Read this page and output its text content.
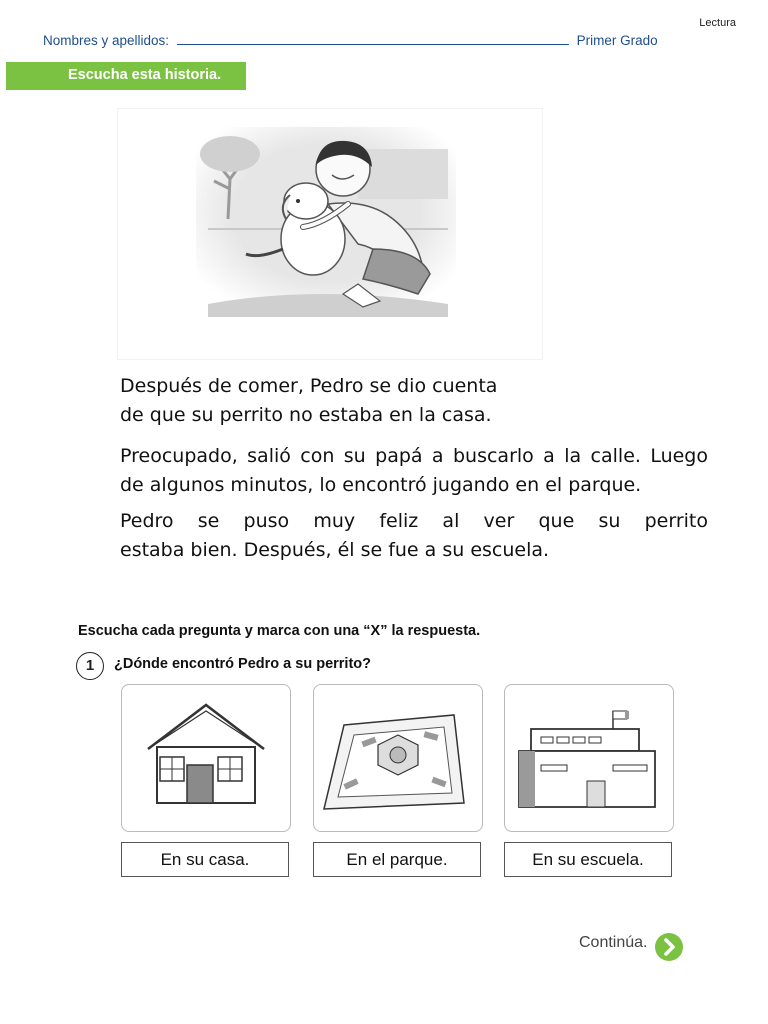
Lectura
Nombres y apellidos:	Primer Grado
Escucha esta historia.
Después de comer, Pedro se dio cuenta
de que su perrito no estaba en la casa.
Preocupado, salió con su papá a buscarlo a la calle. Luego
de algunos minutos, lo encontró jugando en el parque.
Pedro se puso muy feliz al ver que su perrito
estaba bien. Después, él se fue a su escuela.
Escucha cada pregunta y marca con una “X” la respuesta.
1	¿Dónde encontró Pedro a su perrito?
En su casa.	En el parque.	En su escuela.
Continúa.
